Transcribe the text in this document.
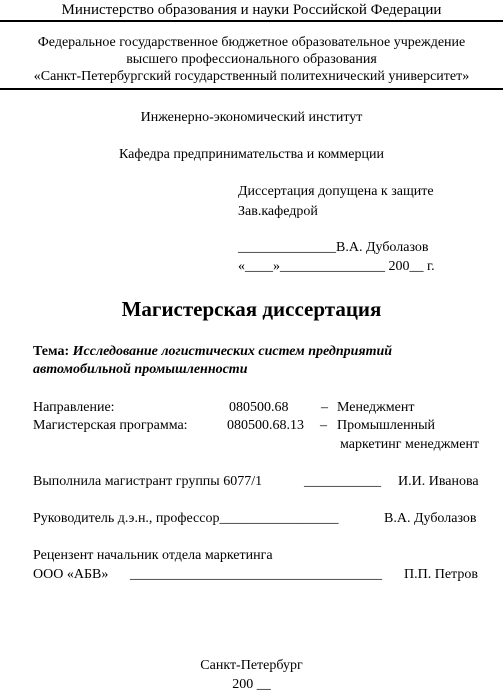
Министерство образования и науки Российской Федерации
Федеральное государственное бюджетное образовательное учреждение
высшего профессионального образования
«Санкт-Петербургский государственный политехнический университет»
Инженерно-экономический институт
Кафедра предпринимательства и коммерции
Диссертация допущена к защите
Зав.кафедрой
______________В.А. Дуболазов
«____»_______________ 200__ г.
Магистерская диссертация
Тема: Исследование логистических систем предприятий
автомобильной промышленности
Направление:	080500.68 – Менеджмент
Магистерская программа:	080500.68.13 – Промышленный
маркетинг менеджмент
Выполнила магистрант группы 6077/1	___________ И.И. Иванова
Руководитель д.э.н., профессор_________________	В.А. Дуболазов
Рецензент начальник отдела маркетинга
ООО «АБВ» ____________________________________ П.П. Петров
Санкт-Петербург
200 __
